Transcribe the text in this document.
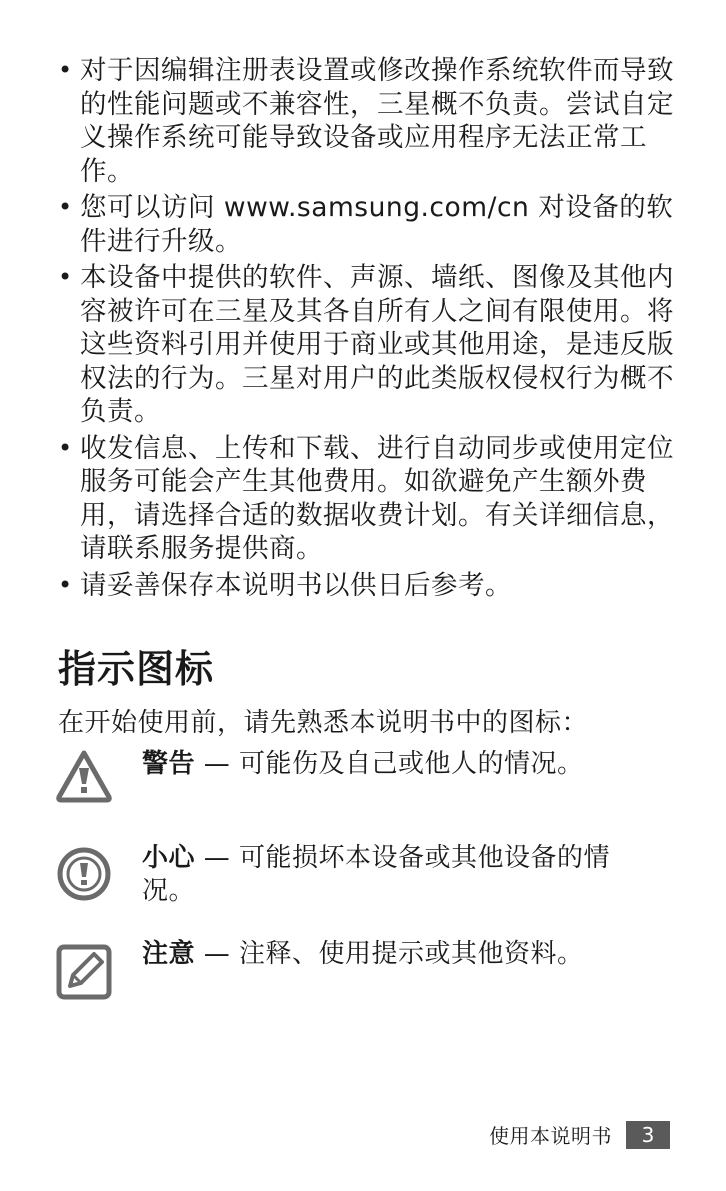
• 对于因编辑注册表设置或修改操作系统软件而导致的性能问题或不兼容性，三星概不负责。尝试自定义操作系统可能导致设备或应用程序无法正常工作。
• 您可以访问 www.samsung.com/cn 对设备的软件进行升级。
• 本设备中提供的软件、声源、墙纸、图像及其他内容被许可在三星及其各自所有人之间有限使用。将这些资料引用并使用于商业或其他用途，是违反版权法的行为。三星对用户的此类版权侵权行为概不负责。
• 收发信息、上传和下载、进行自动同步或使用定位服务可能会产生其他费用。如欲避免产生额外费用，请选择合适的数据收费计划。有关详细信息，请联系服务提供商。
• 请妥善保存本说明书以供日后参考。
指示图标

在开始使用前，请先熟悉本说明书中的图标：

警告 — 可能伤及自己或他人的情况。
小心 — 可能损坏本设备或其他设备的情况。
注意 — 注释、使用提示或其他资料。
使用本说明书	3
